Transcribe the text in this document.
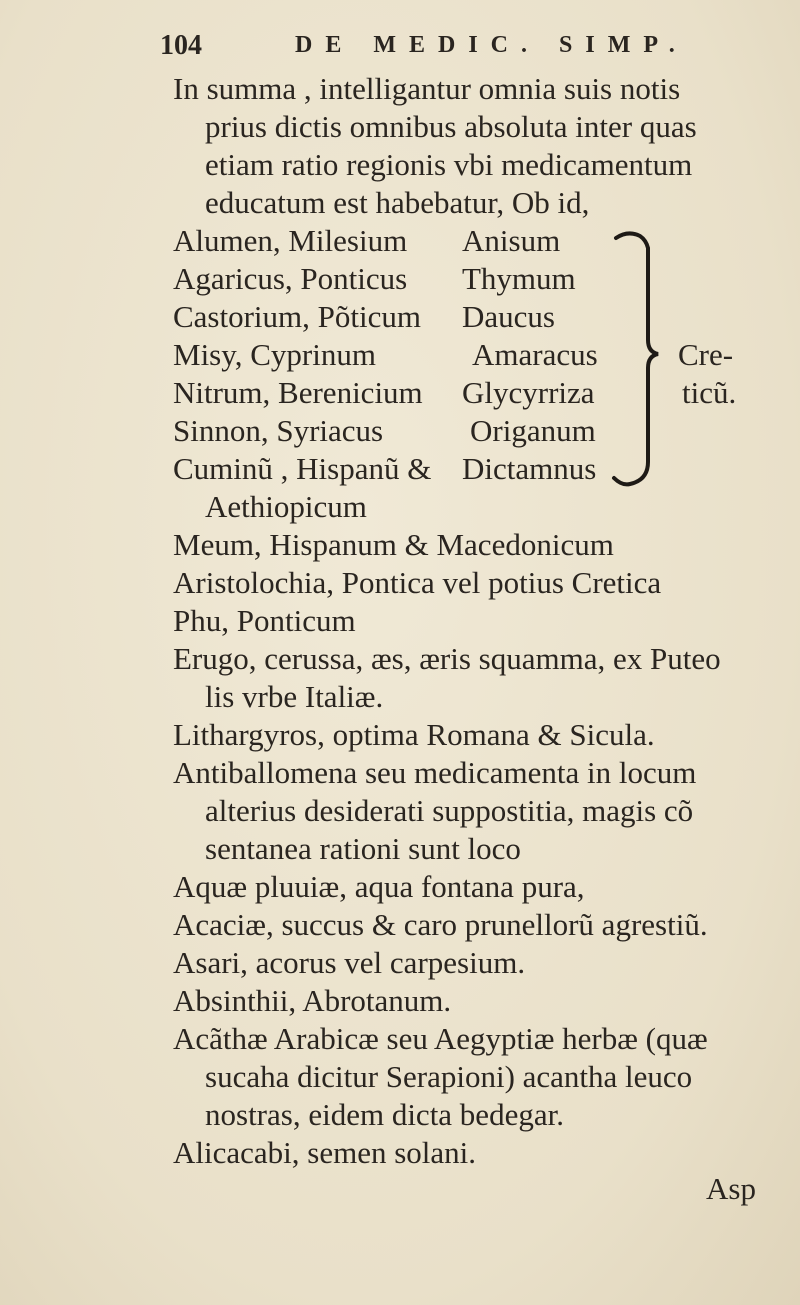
104	DE MEDIC. SIMP.
In summa , intelligantur omnia suis notis
prius dictis omnibus absoluta inter quas
etiam ratio regionis vbi medicamentum
educatum est habebatur, Ob id,
Alumen, Milesium
Agaricus, Ponticus
Castorium, Põticum
Misy, Cyprinum
Nitrum, Berenicium
Sinnon, Syriacus
Cuminũ , Hispanũ &
Aethiopicum
Anisum
Thymum
Daucus
Amaracus
Glycyrriza
Origanum
Dictamnus
Cre-
ticũ.
Meum, Hispanum & Macedonicum
Aristolochia, Pontica vel potius Cretica
Phu, Ponticum
Erugo, cerussa, æs, æris squamma, ex Puteo
lis vrbe Italiæ.
Lithargyros, optima Romana & Sicula.
Antiballomena seu medicamenta in locum
alterius desiderati suppostitia, magis cõ
sentanea rationi sunt loco
Aquæ pluuiæ, aqua fontana pura,
Acaciæ, succus & caro prunellorũ agrestiũ.
Asari, acorus vel carpesium.
Absinthii, Abrotanum.
Acãthæ Arabicæ seu Aegyptiæ herbæ (quæ
sucaha dicitur Serapioni) acantha leuco
nostras, eidem dicta bedegar.
Alicacabi, semen solani.
Asp
